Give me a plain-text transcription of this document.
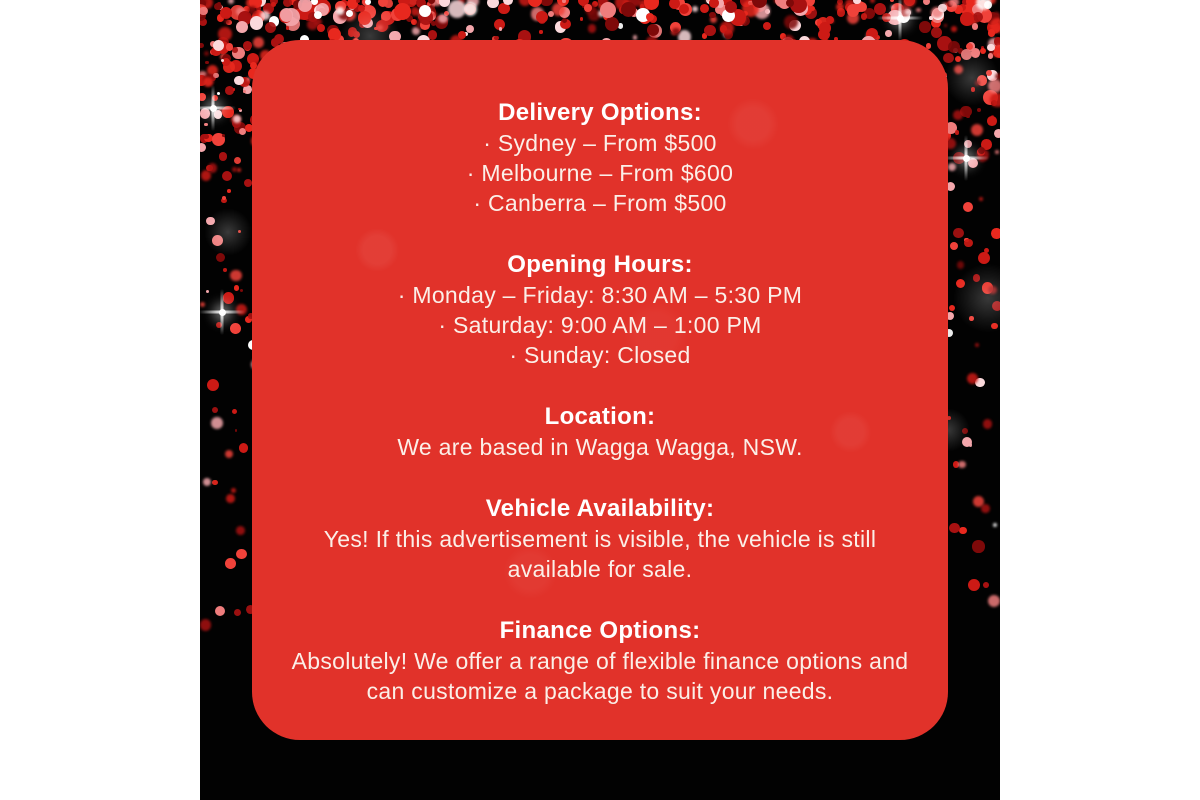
Delivery Options:

· Sydney – From $500

· Melbourne – From $600

· Canberra – From $500

Opening Hours:

· Monday – Friday: 8:30 AM – 5:30 PM

· Saturday: 9:00 AM – 1:00 PM

· Sunday: Closed

Location:

We are based in Wagga Wagga, NSW.

Vehicle Availability:

Yes! If this advertisement is visible, the vehicle is still available for sale.

Finance Options:

Absolutely! We offer a range of flexible finance options and can customize a package to suit your needs.
